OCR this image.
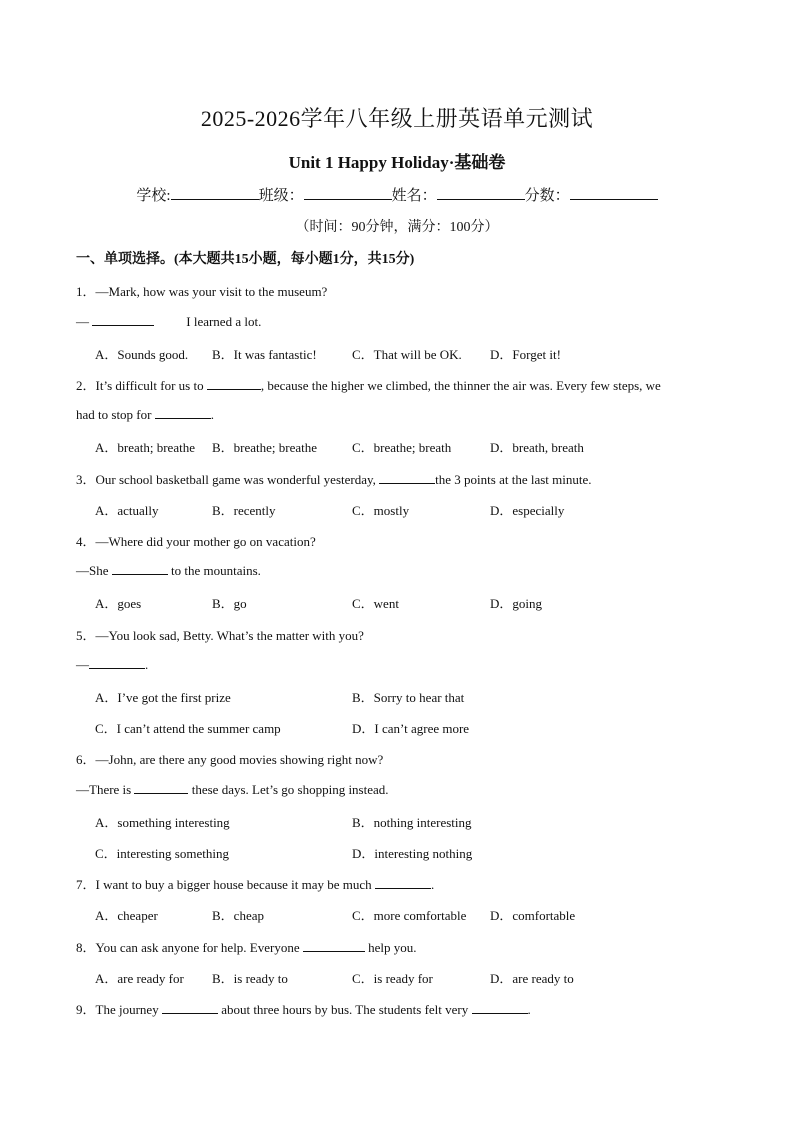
2025-2026学年八年级上册英语单元测试
Unit 1 Happy Holiday·基础卷
学校:	班级：	姓名：	分数：
（时间：90分钟，满分：100分）
一、单项选择。(本大题共15小题，每小题1分，共15分)
1．—Mark, how was your visit to the museum?
—	I learned a lot.
A．Sounds good. B．It was fantastic!	C．That will be OK. D．Forget it!
2．It’s difficult for us to	, because the higher we climbed, the thinner the air was. Every few steps, we
had to stop for	.
A．breath; breathe B．breathe; breathe	C．breathe; breath	D．breath, breath
3．Our school basketball game was wonderful yesterday,	the 3 points at the last minute.
A．actually	B．recently	C．mostly	D．especially
4．—Where did your mother go on vacation?
—She	to the mountains.
A．goes	B．go	C．went	D．going
5．—You look sad, Betty. What’s the matter with you?
—	.
A．I’ve got the first prize	B．Sorry to hear that
C．I can’t attend the summer camp	D．I can’t agree more
6．—John, are there any good movies showing right now?
—There is	these days. Let’s go shopping instead.
A．something interesting	B．nothing interesting
C．interesting something	D．interesting nothing
7．I want to buy a bigger house because it may be much	.
A．cheaper	B．cheap	C．more comfortable D．comfortable
8．You can ask anyone for help. Everyone	help you.
A．are ready for B．is ready to	C．is ready for	D．are ready to
9．The journey	about three hours by bus. The students felt very	.
